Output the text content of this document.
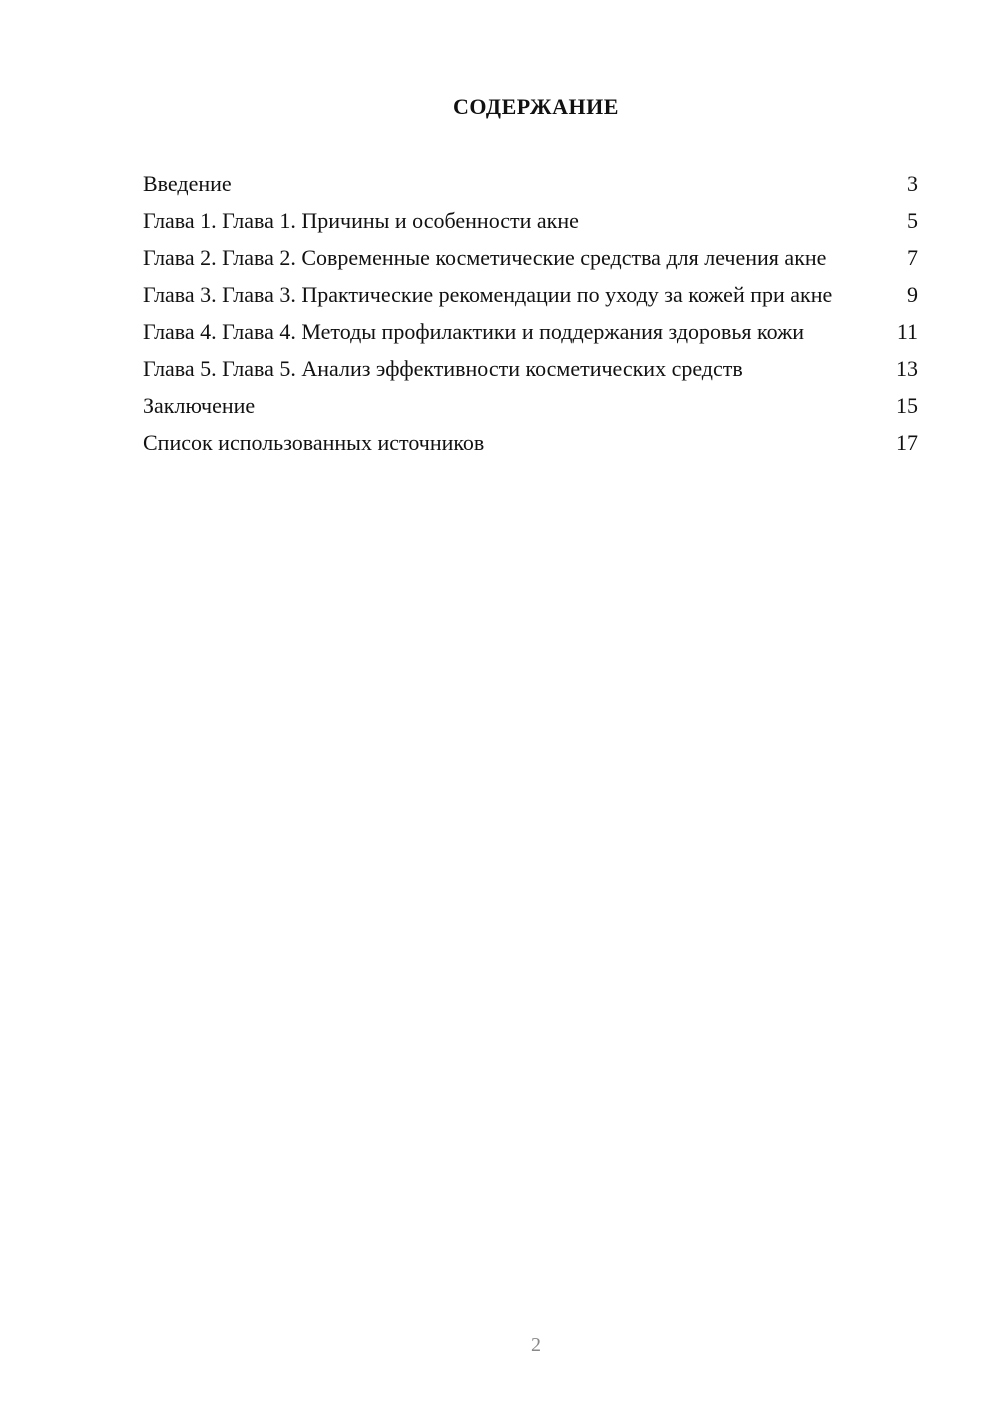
СОДЕРЖАНИЕ
Введение	3
Глава 1. Глава 1. Причины и особенности акне	5
Глава 2. Глава 2. Современные косметические средства для лечения акне	7
Глава 3. Глава 3. Практические рекомендации по уходу за кожей при акне	9
Глава 4. Глава 4. Методы профилактики и поддержания здоровья кожи	11
Глава 5. Глава 5. Анализ эффективности косметических средств	13
Заключение	15
Список использованных источников	17
2
